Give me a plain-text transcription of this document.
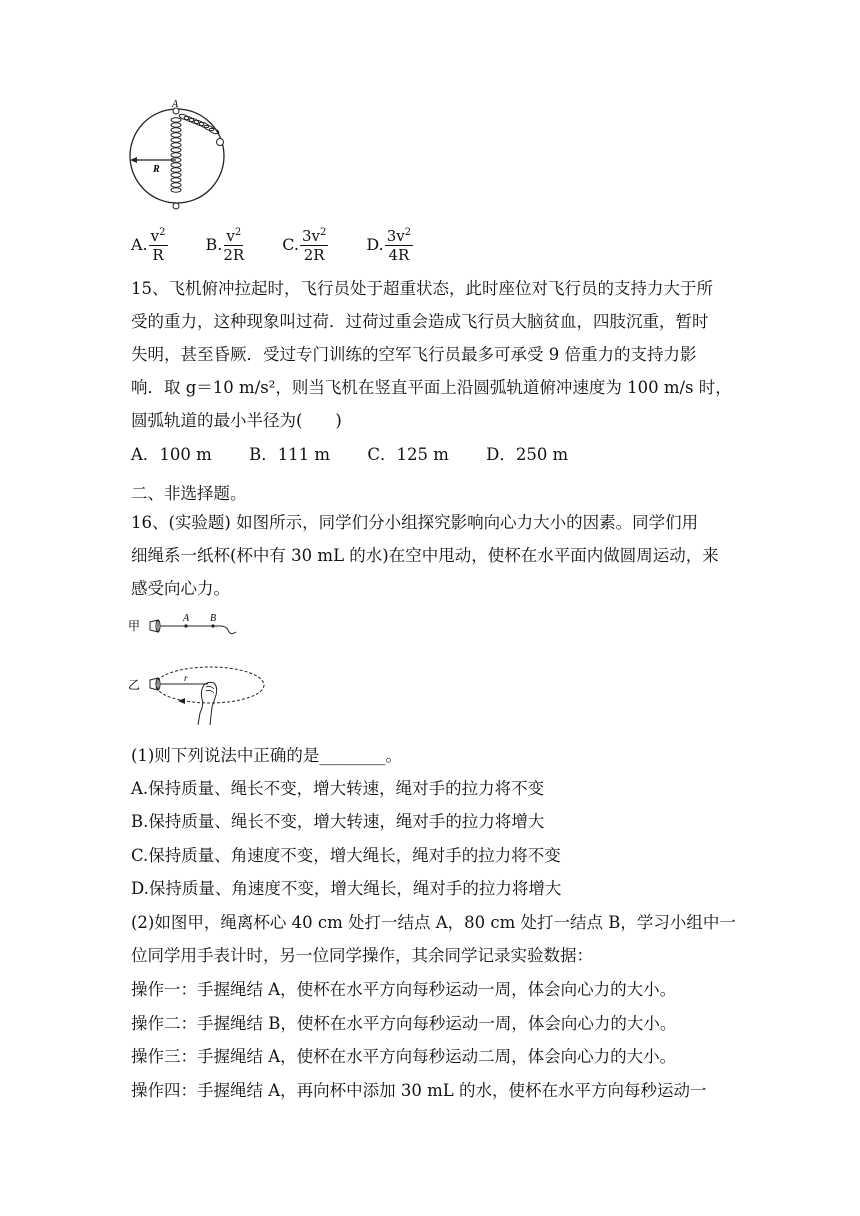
A
R
A. $\frac{v^2}{R} B$. $\frac{v^2}{2R} C$. $\frac{3v^2}{2R} D$. $\frac{3v^2}{4R}$
15、飞机俯冲拉起时，飞行员处于超重状态，此时座位对飞行员的支持力大于所
受的重力，这种现象叫过荷．过荷过重会造成飞行员大脑贫血，四肢沉重，暂时
失明，甚至昏厥．受过专门训练的空军飞行员最多可承受 9 倍重力的支持力影
响．取 g＝10 m/s²，则当飞机在竖直平面上沿圆弧轨道俯冲速度为 100 m/s 时，
圆弧轨道的最小半径为(　　)
A．100 m B．111 m C．125 m D．250 m
二、非选择题。
16、(实验题) 如图所示，同学们分小组探究影响向心力大小的因素。同学们用
细绳系一纸杯(杯中有 30 mL 的水)在空中甩动，使杯在水平面内做圆周运动，来
感受向心力。
甲
A B
乙	r
(1)则下列说法中正确的是________。
A.保持质量、绳长不变，增大转速，绳对手的拉力将不变
B.保持质量、绳长不变，增大转速，绳对手的拉力将增大
C.保持质量、角速度不变，增大绳长，绳对手的拉力将不变
D.保持质量、角速度不变，增大绳长，绳对手的拉力将增大
(2)如图甲，绳离杯心 40 cm 处打一结点 A，80 cm 处打一结点 B，学习小组中一
位同学用手表计时，另一位同学操作，其余同学记录实验数据：
操作一：手握绳结 A，使杯在水平方向每秒运动一周，体会向心力的大小。
操作二：手握绳结 B，使杯在水平方向每秒运动一周，体会向心力的大小。
操作三：手握绳结 A，使杯在水平方向每秒运动二周，体会向心力的大小。
操作四：手握绳结 A，再向杯中添加 30 mL 的水，使杯在水平方向每秒运动一
